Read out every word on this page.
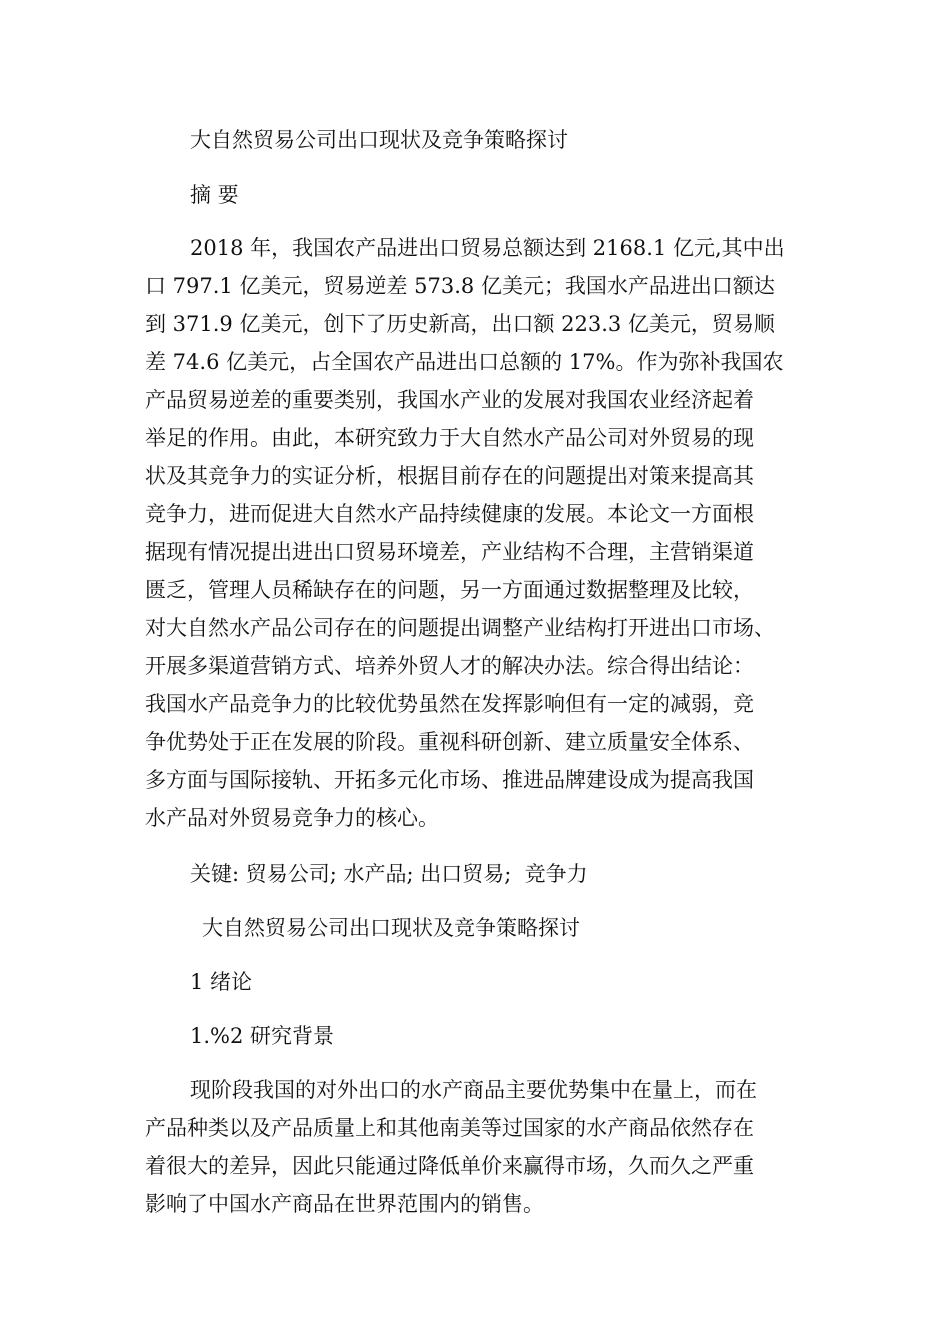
大自然贸易公司出口现状及竞争策略探讨
摘 要
2018 年，我国农产品进出口贸易总额达到 2168.1 亿元,其中出
口 797.1 亿美元，贸易逆差 573.8 亿美元；我国水产品进出口额达
到 371.9 亿美元，创下了历史新高，出口额 223.3 亿美元，贸易顺
差 74.6 亿美元，占全国农产品进出口总额的 17%。作为弥补我国农
产品贸易逆差的重要类别，我国水产业的发展对我国农业经济起着
举足的作用。由此，本研究致力于大自然水产品公司对外贸易的现
状及其竞争力的实证分析，根据目前存在的问题提出对策来提高其
竞争力，进而促进大自然水产品持续健康的发展。本论文一方面根
据现有情况提出进出口贸易环境差，产业结构不合理，主营销渠道
匮乏，管理人员稀缺存在的问题，另一方面通过数据整理及比较，
对大自然水产品公司存在的问题提出调整产业结构打开进出口市场、
开展多渠道营销方式、培养外贸人才的解决办法。综合得出结论：
我国水产品竞争力的比较优势虽然在发挥影响但有一定的减弱，竞
争优势处于正在发展的阶段。重视科研创新、建立质量安全体系、
多方面与国际接轨、开拓多元化市场、推进品牌建设成为提高我国
水产品对外贸易竞争力的核心。
关键: 贸易公司; 水产品; 出口贸易;  竞争力
大自然贸易公司出口现状及竞争策略探讨
1 绪论
1.%2 研究背景
现阶段我国的对外出口的水产商品主要优势集中在量上，而在
产品种类以及产品质量上和其他南美等过国家的水产商品依然存在
着很大的差异，因此只能通过降低单价来赢得市场，久而久之严重
影响了中国水产商品在世界范围内的销售。
